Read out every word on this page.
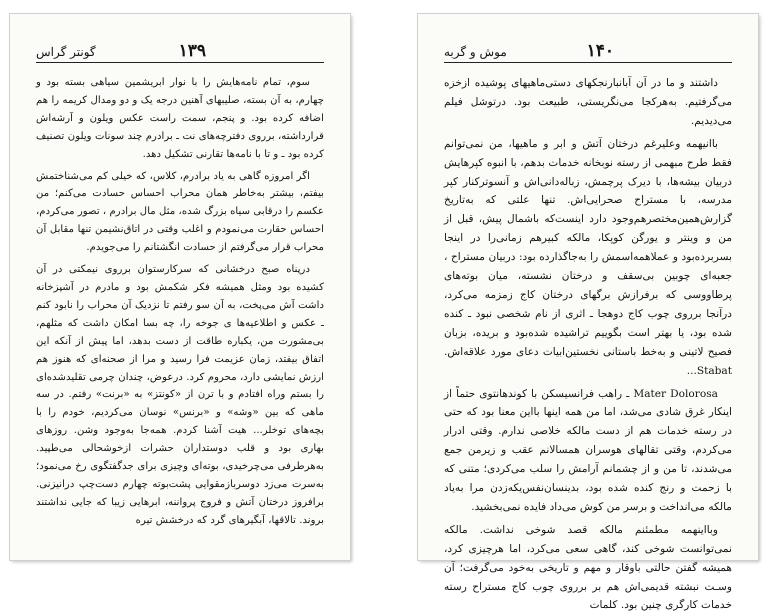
۱۳۹
گونتر گراس

سوم، تمام نامه‌هایش را با نوار ابریشمین سیاهی بسته بود و چهارم، به آن بسته، صلیبهای آهنین درجه یک و دو ومدال کریمه را هم اضافه کرده بود. و پنجم، سمت راست عکس ویلون و آرشه‌اش قرارداشته، برروی دفترچه‌های نت ـ برادرم چند سونات ویلون تصنیف کرده بود ـ و تا با نامه‌ها تقارنی تشکیل دهد.

اگر امروزه گاهی به یاد برادرم، کلاس، که خیلی کم می‌شناختمش بیفتم، بیشتر به‌خاطر همان محراب احساس حسادت می‌کنم؛ من عکسم را درقابی سیاه بزرگ شده، مثل مال برادرم ، تصور می‌کردم، احساس حقارت می‌نمودم و اغلب وقتی در اتاق‌نشیمن تنها مقابل آن محراب قرار می‌گرفتم از حسادت انگشتانم را می‌جویدم.

درپناه صبح درخشانی که سرکارستوان برروی نیمکتی در آن کشیده بود ومثل همیشه فکر شکمش بود و مادرم در آشپزخانه داشت آش می‌پخت، به آن سو رفتم تا نزدیک آن محراب را نابود کنم ـ عکس و اطلاعیه‌ها ی جوخه را، چه بسا امکان داشت که مثلهم، بی‌مشورت من، یکباره طاقت از دست بدهد، اما پیش از آنکه این اتفاق بیفتد، زمان عزیمت فرا رسید و مرا از صحنه‌ای که هنوز هم ارزش نمایشی دارد، محروم کرد. درعوض، چندان چرمی تقلیدشده‌ای را بستم وراه افتادم و با ترن از «کونتز» به ‌«برنت» رفتم. در سه ماهی که بین «وشه» و «برنس» نوسان می‌کردیم، خودم را با بچه‌های توخلر... هیت آشنا کردم. همه‌جا به‌وجود وشن. روزهای بهاری بود و قلب دوستداران حشرات ازخوشحالی می‌طپید. به‌هرطرفی می‌چرخیدی، بوته‌ای وچیزی برای جدگفتگوی رخ می‌نمود؛ به‌سرت می‌زد دوسربازمقوایی پشت‌بوته چهارم دست‌چپ درانیزنی. برافروز درختان آتش و فروج پرواننه، ابرهایی زیبا که جایی نداشتند بروند. تالاقها، آبگیرهای گرد که درخشش تیره

۱۴۰
موش و گربه

داشتند و ما در آن آبانبارنجکهای دستی‌ماهیهای پوشیده ازخزه می‌گرفتیم. به‌هرکجا می‌نگریستی، طبیعت بود. درتوشل فیلم می‌دیدیم.

باانیهمه وعلیرغم درختان آتش و ابر و ماهیها، من نمی‌توانم فقط طرح مبهمی از رسته نوبخانه خدمات بدهم، با انبوه کپرهایش دربیان بیشه‌ها، با دیرک پرچمش، زباله‌دانی‌اش و آنسوترکنار کپر مدرسه، با مستراح صحرایی‌اش. تنها علتی که به‌تاریخ گزارش‌همین‌مختصرهم‌وجود دارد اینست‌که باشمال پیش، قبل از من و وینتر و یورگن کوپکا، مالکه کبیرهم زمانی‌را در اینجا بسربرده‌بود و عملا‌همه‌اسمش را به‌جاگذارده بود: دربیان مستراح ، جعبه‌ای چوبین بی‌سقف و درختان نشسته، میان بوته‌های پرطاووسی که برفرازش برگهای درختان کاج زمزمه می‌کرد، درآنجا برروی چوب کاج دوهجا ـ اثری از نام شخصی نبود ـ کنده شده بود، یا بهتر است بگوییم تراشیده شده‌بود و بریده، بزبان فصیح لاتینی و به‌خط باستانی نخستین‌ابیات دعای مورد علاقه‌اش. Stabat...

Mater Dolorosa ـ راهب فرانسیسکن با کوندهانتوی حتماً از اینکار غرق شادی می‌شد، اما من همه اینها بااین معنا بود که حتی در رسته خدمات هم از دست مالکه خلاصی ندارم. وقتی ادرار می‌کردم، وقتی تقالهای هوسران همسالانم عقب و زیرمن جمع می‌شدند، تا من و از چشمانم آرامش را سلب می‌کردی؛ متنی که با زحمت و رنج کنده شده بود، بدینسان‌نفس‌یکه‌زدن مرا به‌یاد مالکه می‌انداخت و برسر من کوش می‌داد فایده نمی‌بخشید.

وبااینهمه مطمئنم مالکه قصد شوخی نداشت. مالکه نمی‌توانست شوخی کند، گاهی سعی می‌کرد، اما هرچیزی کرد، همیشه گفتن حالتی باوقار و مهم و تاریخی به‌خود می‌گرفت؛ آن وسـت نبشته قدیمی‌اش هم بر برروی چوب کاج مستراح رسته خدمات کارگری چنین بود. کلمات
